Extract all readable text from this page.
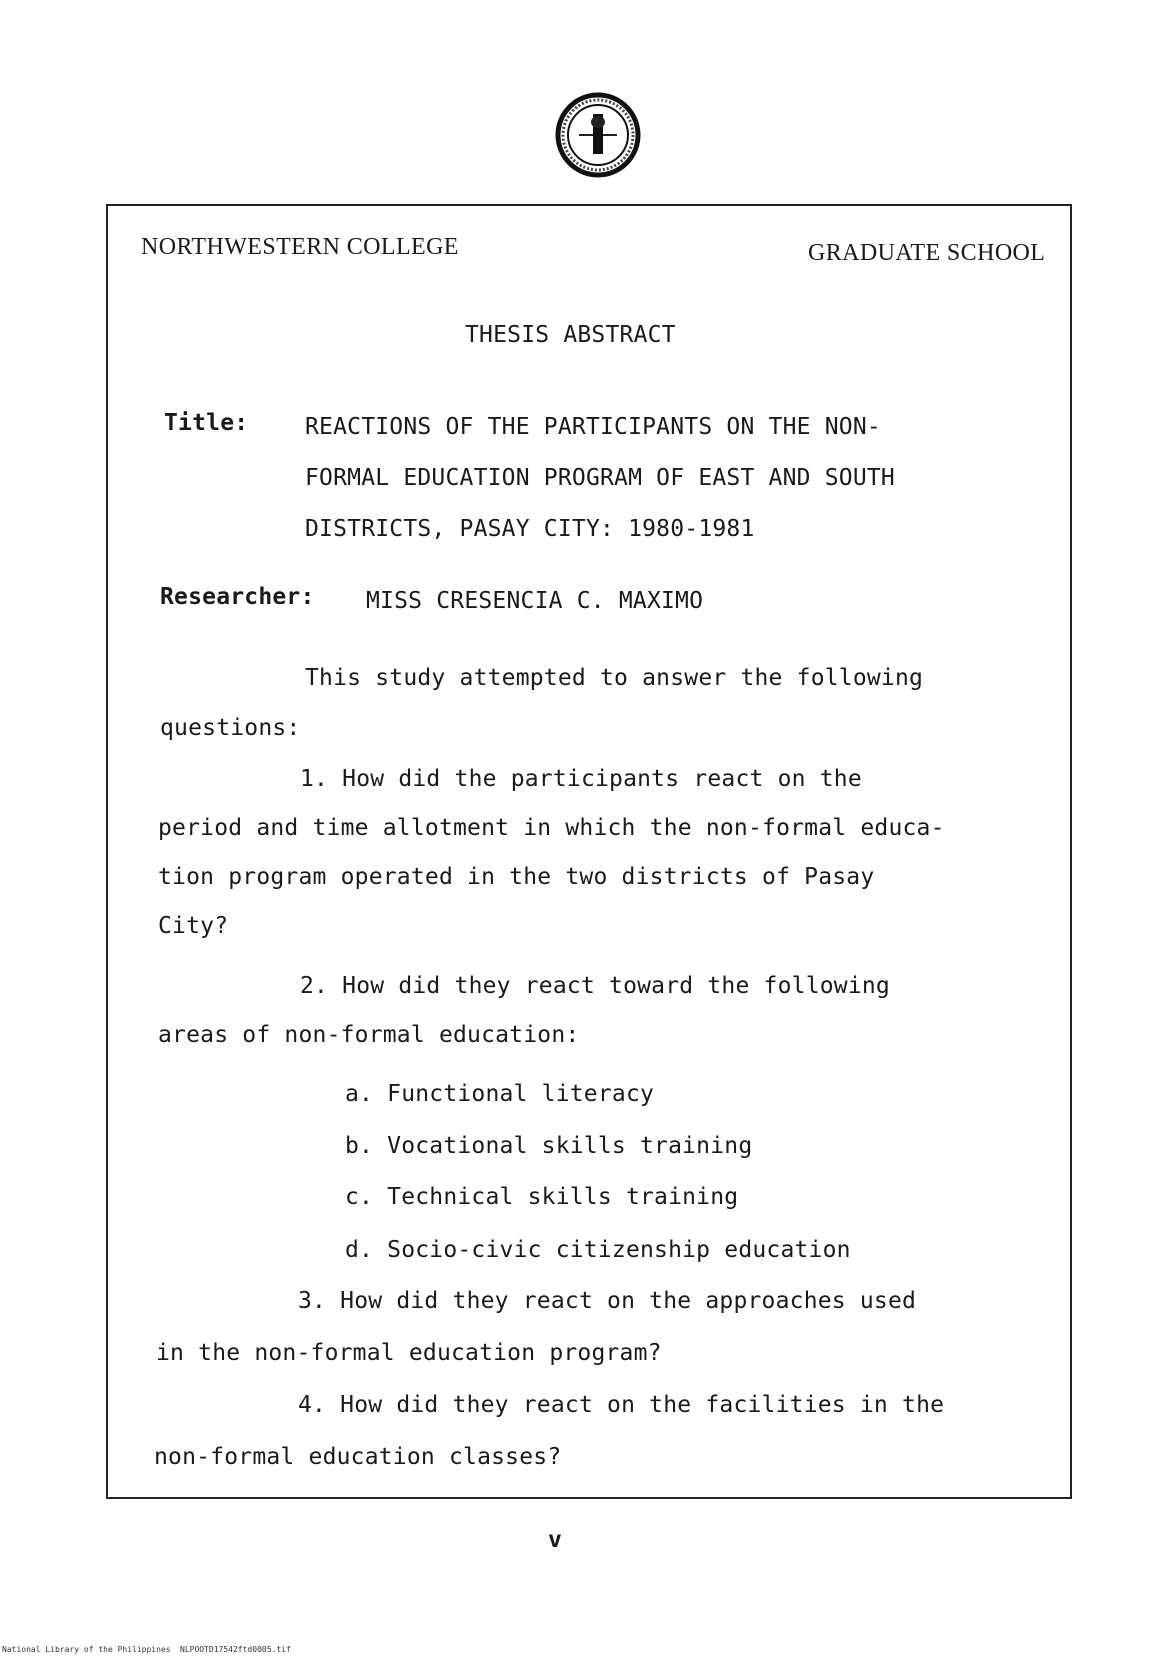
NORTHWESTERN COLLEGE	GRADUATE SCHOOL
THESIS ABSTRACT
Title: REACTIONS OF THE PARTICIPANTS ON THE NON-
FORMAL EDUCATION PROGRAM OF EAST AND SOUTH
DISTRICTS, PASAY CITY: 1980-1981
Researcher: MISS CRESENCIA C. MAXIMO
This study attempted to answer the following
questions:
1. How did the participants react on the
period and time allotment in which the non-formal educa-
tion program operated in the two districts of Pasay
City?
2. How did they react toward the following
areas of non-formal education:
a. Functional literacy
b. Vocational skills training
c. Technical skills training
d. Socio-civic citizenship education
3. How did they react on the approaches used
in the non-formal education program?
4. How did they react on the facilities in the
non-formal education classes?
v
National Library of the Philippines NLPOOTD17542ftd0005.tif
